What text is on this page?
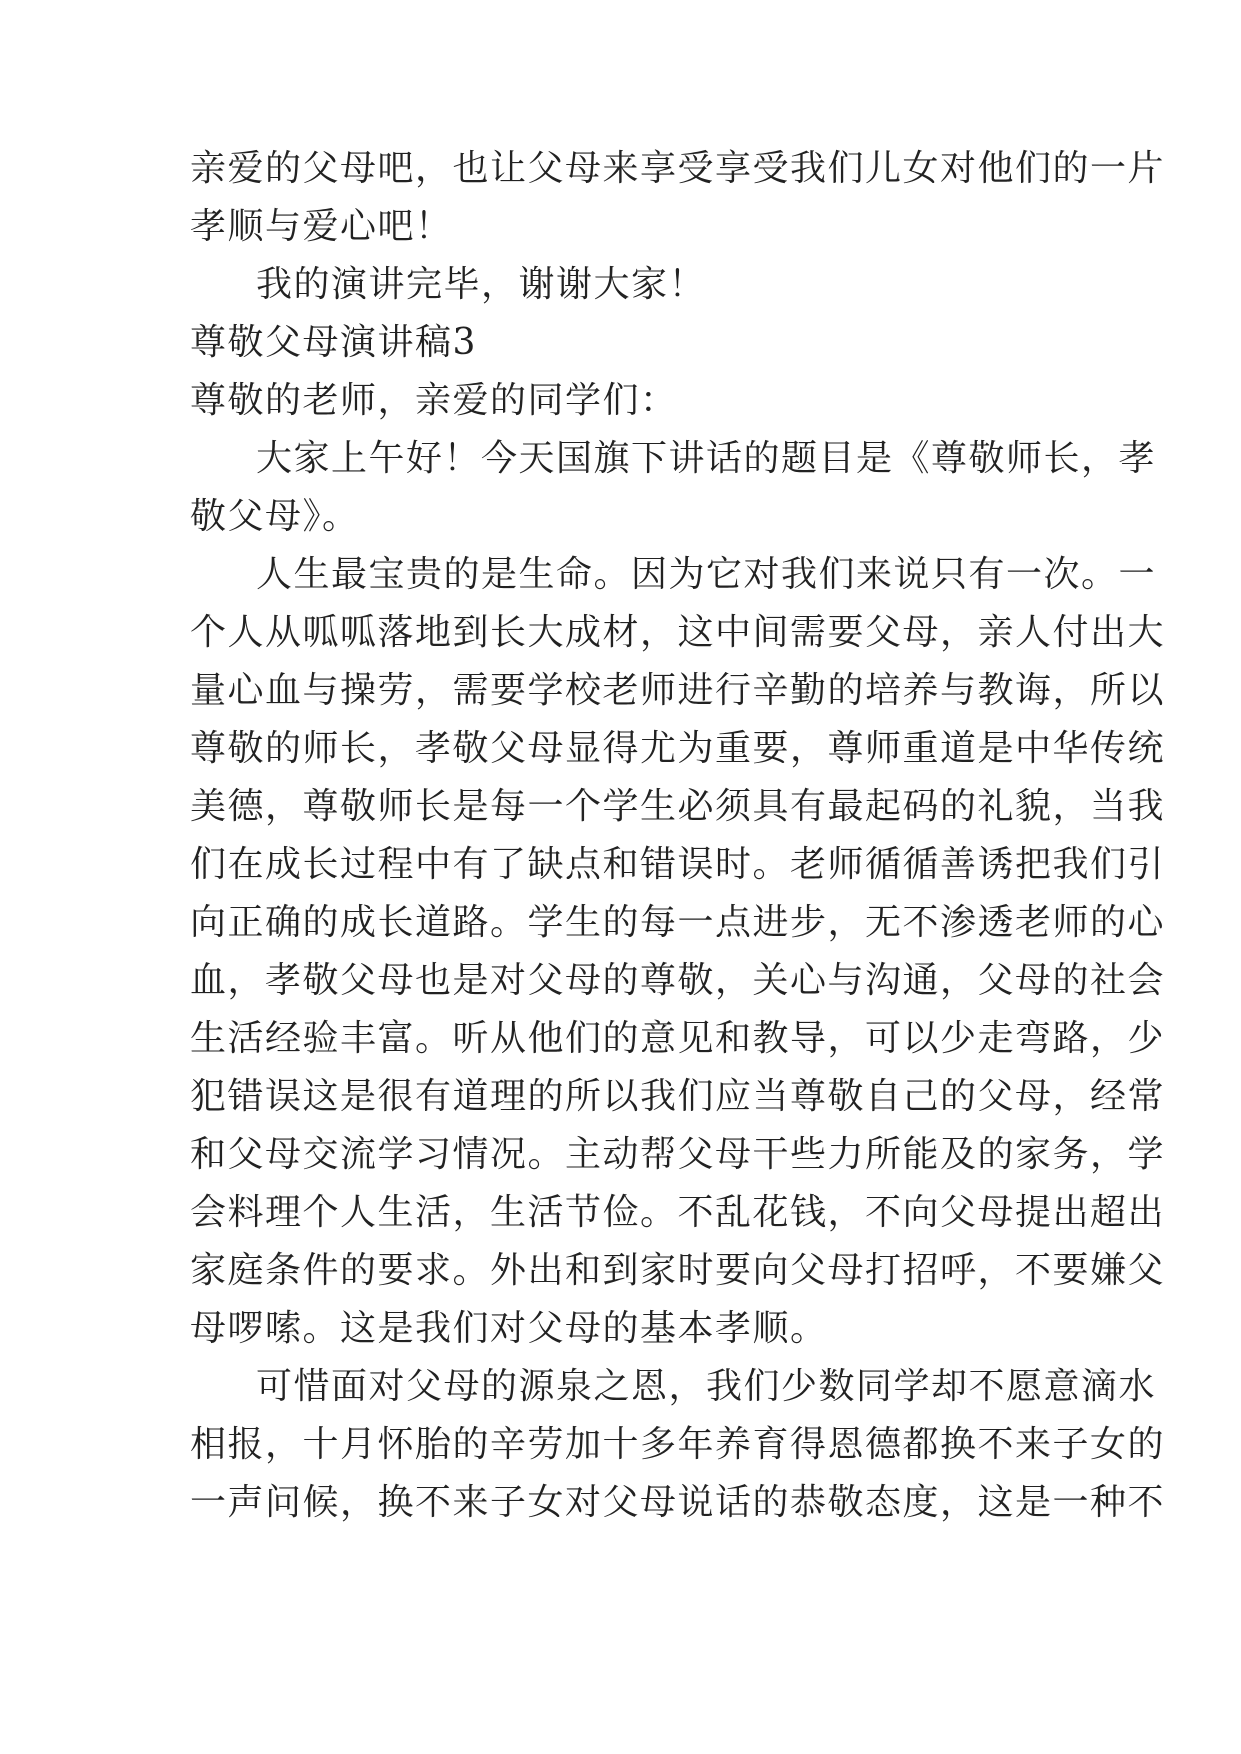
亲爱的父母吧，也让父母来享受享受我们儿女对他们的一片
孝顺与爱心吧！
我的演讲完毕，谢谢大家！
尊敬父母演讲稿3
尊敬的老师，亲爱的同学们：
大家上午好！今天国旗下讲话的题目是《尊敬师长，孝
敬父母》。
人生最宝贵的是生命。因为它对我们来说只有一次。一
个人从呱呱落地到长大成材，这中间需要父母，亲人付出大
量心血与操劳，需要学校老师进行辛勤的培养与教诲，所以
尊敬的师长，孝敬父母显得尤为重要，尊师重道是中华传统
美德，尊敬师长是每一个学生必须具有最起码的礼貌，当我
们在成长过程中有了缺点和错误时。老师循循善诱把我们引
向正确的成长道路。学生的每一点进步，无不渗透老师的心
血，孝敬父母也是对父母的尊敬，关心与沟通，父母的社会
生活经验丰富。听从他们的意见和教导，可以少走弯路，少
犯错误这是很有道理的所以我们应当尊敬自己的父母，经常
和父母交流学习情况。主动帮父母干些力所能及的家务，学
会料理个人生活，生活节俭。不乱花钱，不向父母提出超出
家庭条件的要求。外出和到家时要向父母打招呼，不要嫌父
母啰嗦。这是我们对父母的基本孝顺。
可惜面对父母的源泉之恩，我们少数同学却不愿意滴水
相报，十月怀胎的辛劳加十多年养育得恩德都换不来子女的
一声问候，换不来子女对父母说话的恭敬态度，这是一种不
